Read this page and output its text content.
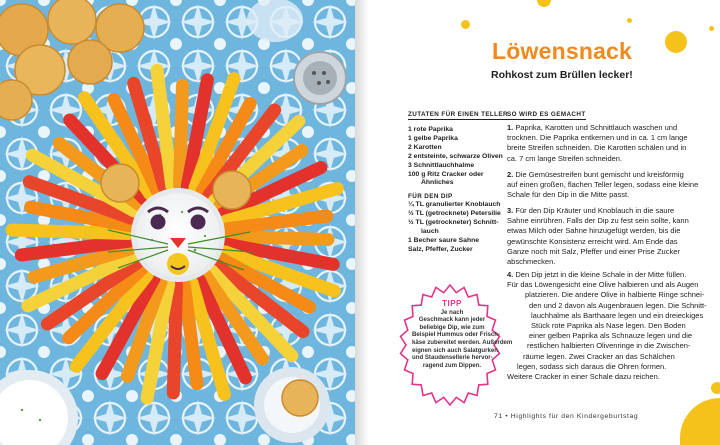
Löwensnack
Rohkost zum Brüllen lecker!
ZUTATEN FÜR EINEN TELLER
1 rote Paprika
1 gelbe Paprika
2 Karotten
2 entsteinte, schwarze Oliven
3 Schnittlauchhalme
100 g Ritz Cracker oder
Ähnliches
FÜR DEN DIP
¼ TL granulierter Knoblauch
½ TL (getrocknete) Petersilie
½ TL (getrockneter) Schnitt-
lauch
1 Becher saure Sahne
Salz, Pfeffer, Zucker
SO WIRD ES GEMACHT
1. Paprika, Karotten und Schnittlauch waschen und
trocknen. Die Paprika entkernen und in ca. 1 cm lange
breite Streifen schneiden. Die Karotten schälen und in
ca. 7 cm lange Streifen schneiden.
2. Die Gemüsestreifen bunt gemischt und kreisförmig
auf einen großen, flachen Teller legen, sodass eine kleine
Schale für den Dip in die Mitte passt.
3. Für den Dip Kräuter und Knoblauch in die saure
Sahne einrühren. Falls der Dip zu fest sein sollte, kann
etwas Milch oder Sahne hinzugefügt werden, bis die
gewünschte Konsistenz erreicht wird. Am Ende das
Ganze noch mit Salz, Pfeffer und einer Prise Zucker
abschmecken.
4. Den Dip jetzt in die kleine Schale in der Mitte füllen.
Für das Löwengesicht eine Olive halbieren und als Augen
platzieren. Die andere Olive in halbierte Ringe schnei-
den und 2 davon als Augenbrauen legen. Die Schnitt-
lauchhalme als Barthaare legen und ein dreieckiges
Stück rote Paprika als Nase legen. Den Boden
einer gelben Paprika als Schnauze legen und die
restlichen halbierten Olivenringe in die Zwischen-
räume legen. Zwei Cracker an das Schälchen
legen, sodass sich daraus die Ohren formen.
Weitere Cracker in einer Schale dazu reichen.
TIPP
Je nach
Geschmack kann jeder
beliebige Dip, wie zum
Beispiel Hummus oder Frisch-
käse zubereitet werden. Außerdem
eignen sich auch Salatgurken
und Staudensellerie hervor-
ragend zum Dippen.
71 • Highlights für den Kindergeburtstag
